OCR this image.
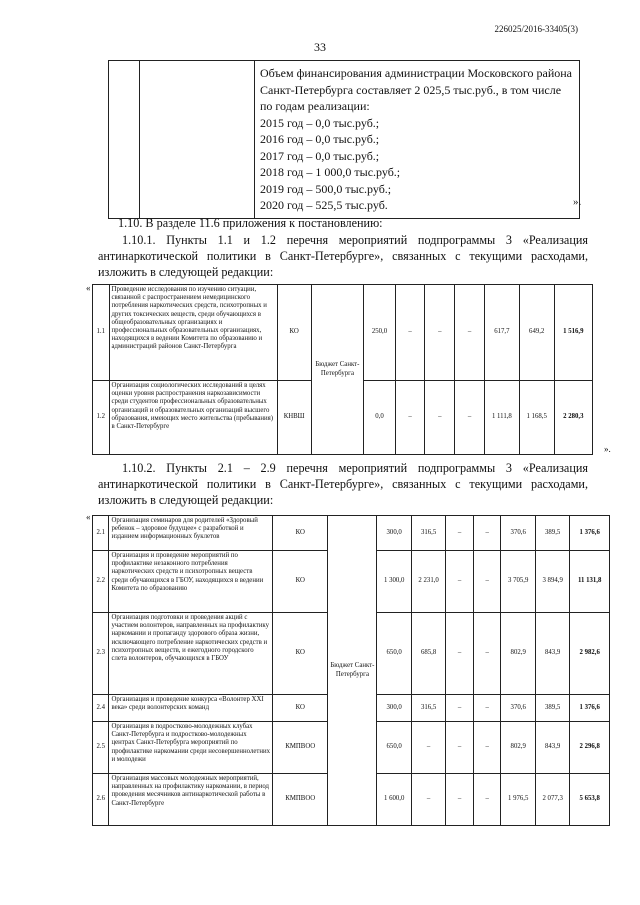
226025/2016-33405(3)
33

Объем финансирования администрации Московского района Санкт-Петербурга составляет 2 025,5 тыс.руб., в том числе по годам реализации:
2015 год – 0,0 тыс.руб.;
2016 год – 0,0 тыс.руб.;
2017 год – 0,0 тыс.руб.;
2018 год – 1 000,0 тыс.руб.;
2019 год – 500,0 тыс.руб.;
2020 год – 525,5 тыс.руб.	».
1.10. В разделе 11.6 приложения к постановлению:
1.10.1. Пункты 1.1 и 1.2 перечня мероприятий подпрограммы 3 «Реализация антинаркотической политики в Санкт-Петербурге», связанных с текущими расходами, изложить в следующей редакции:
«
1.1	Проведение исследования по изучению ситуации, связанной с распространением немедицинского потребления наркотических средств, психотропных и других токсических веществ, среди обучающихся в общеобразовательных организациях и профессиональных образовательных организациях, находящихся в ведении Комитета по образованию и администраций районов Санкт-Петербурга	КО	Бюджет Санкт-Петербурга	250,0	–	–	–	617,7	649,2	1 516,9
1.2	Организация социологических исследований в целях оценки уровня распространения наркозависимости среди студентов профессиональных образовательных организаций и образовательных организаций высшего образования, имеющих место жительства (пребывания) в Санкт-Петербурге	КНВШ		0,0	–	–	–	1 111,8	1 168,5	2 280,3
».
1.10.2. Пункты 2.1 – 2.9 перечня мероприятий подпрограммы 3 «Реализация антинаркотической политики в Санкт-Петербурге», связанных с текущими расходами, изложить в следующей редакции:
«
2.1	Организация семинаров для родителей «Здоровый ребенок – здоровое будущее» с разработкой и изданием информационных буклетов	КО	Бюджет Санкт-Петербурга	300,0	316,5	–	–	370,6	389,5	1 376,6
2.2	Организация и проведение мероприятий по профилактике незаконного потребления наркотических средств и психотропных веществ среди обучающихся в ГБОУ, находящихся в ведении Комитета по образованию	КО		1 300,0	2 231,0	–	–	3 705,9	3 894,9	11 131,8
2.3	Организация подготовки и проведения акций с участием волонтеров, направленных на профилактику наркомании и пропаганду здорового образа жизни, исключающего потребление наркотических средств и психотропных веществ, и ежегодного городского слета волонтеров, обучающихся в ГБОУ	КО		650,0	685,8	–	–	802,9	843,9	2 982,6
2.4	Организация и проведение конкурса «Волонтер XXI века» среди волонтерских команд	КО		300,0	316,5	–	–	370,6	389,5	1 376,6
2.5	Организация в подростково-молодежных клубах Санкт-Петербурга и подростково-молодежных центрах Санкт-Петербурга мероприятий по профилактике наркомании среди несовершеннолетних и молодежи	КМПВОО		650,0	–	–	–	802,9	843,9	2 296,8
2.6	Организация массовых молодежных мероприятий, направленных на профилактику наркомании, в период проведения месячников антинаркотической работы в Санкт-Петербурге	КМПВОО		1 600,0	–	–	–	1 976,5	2 077,3	5 653,8
